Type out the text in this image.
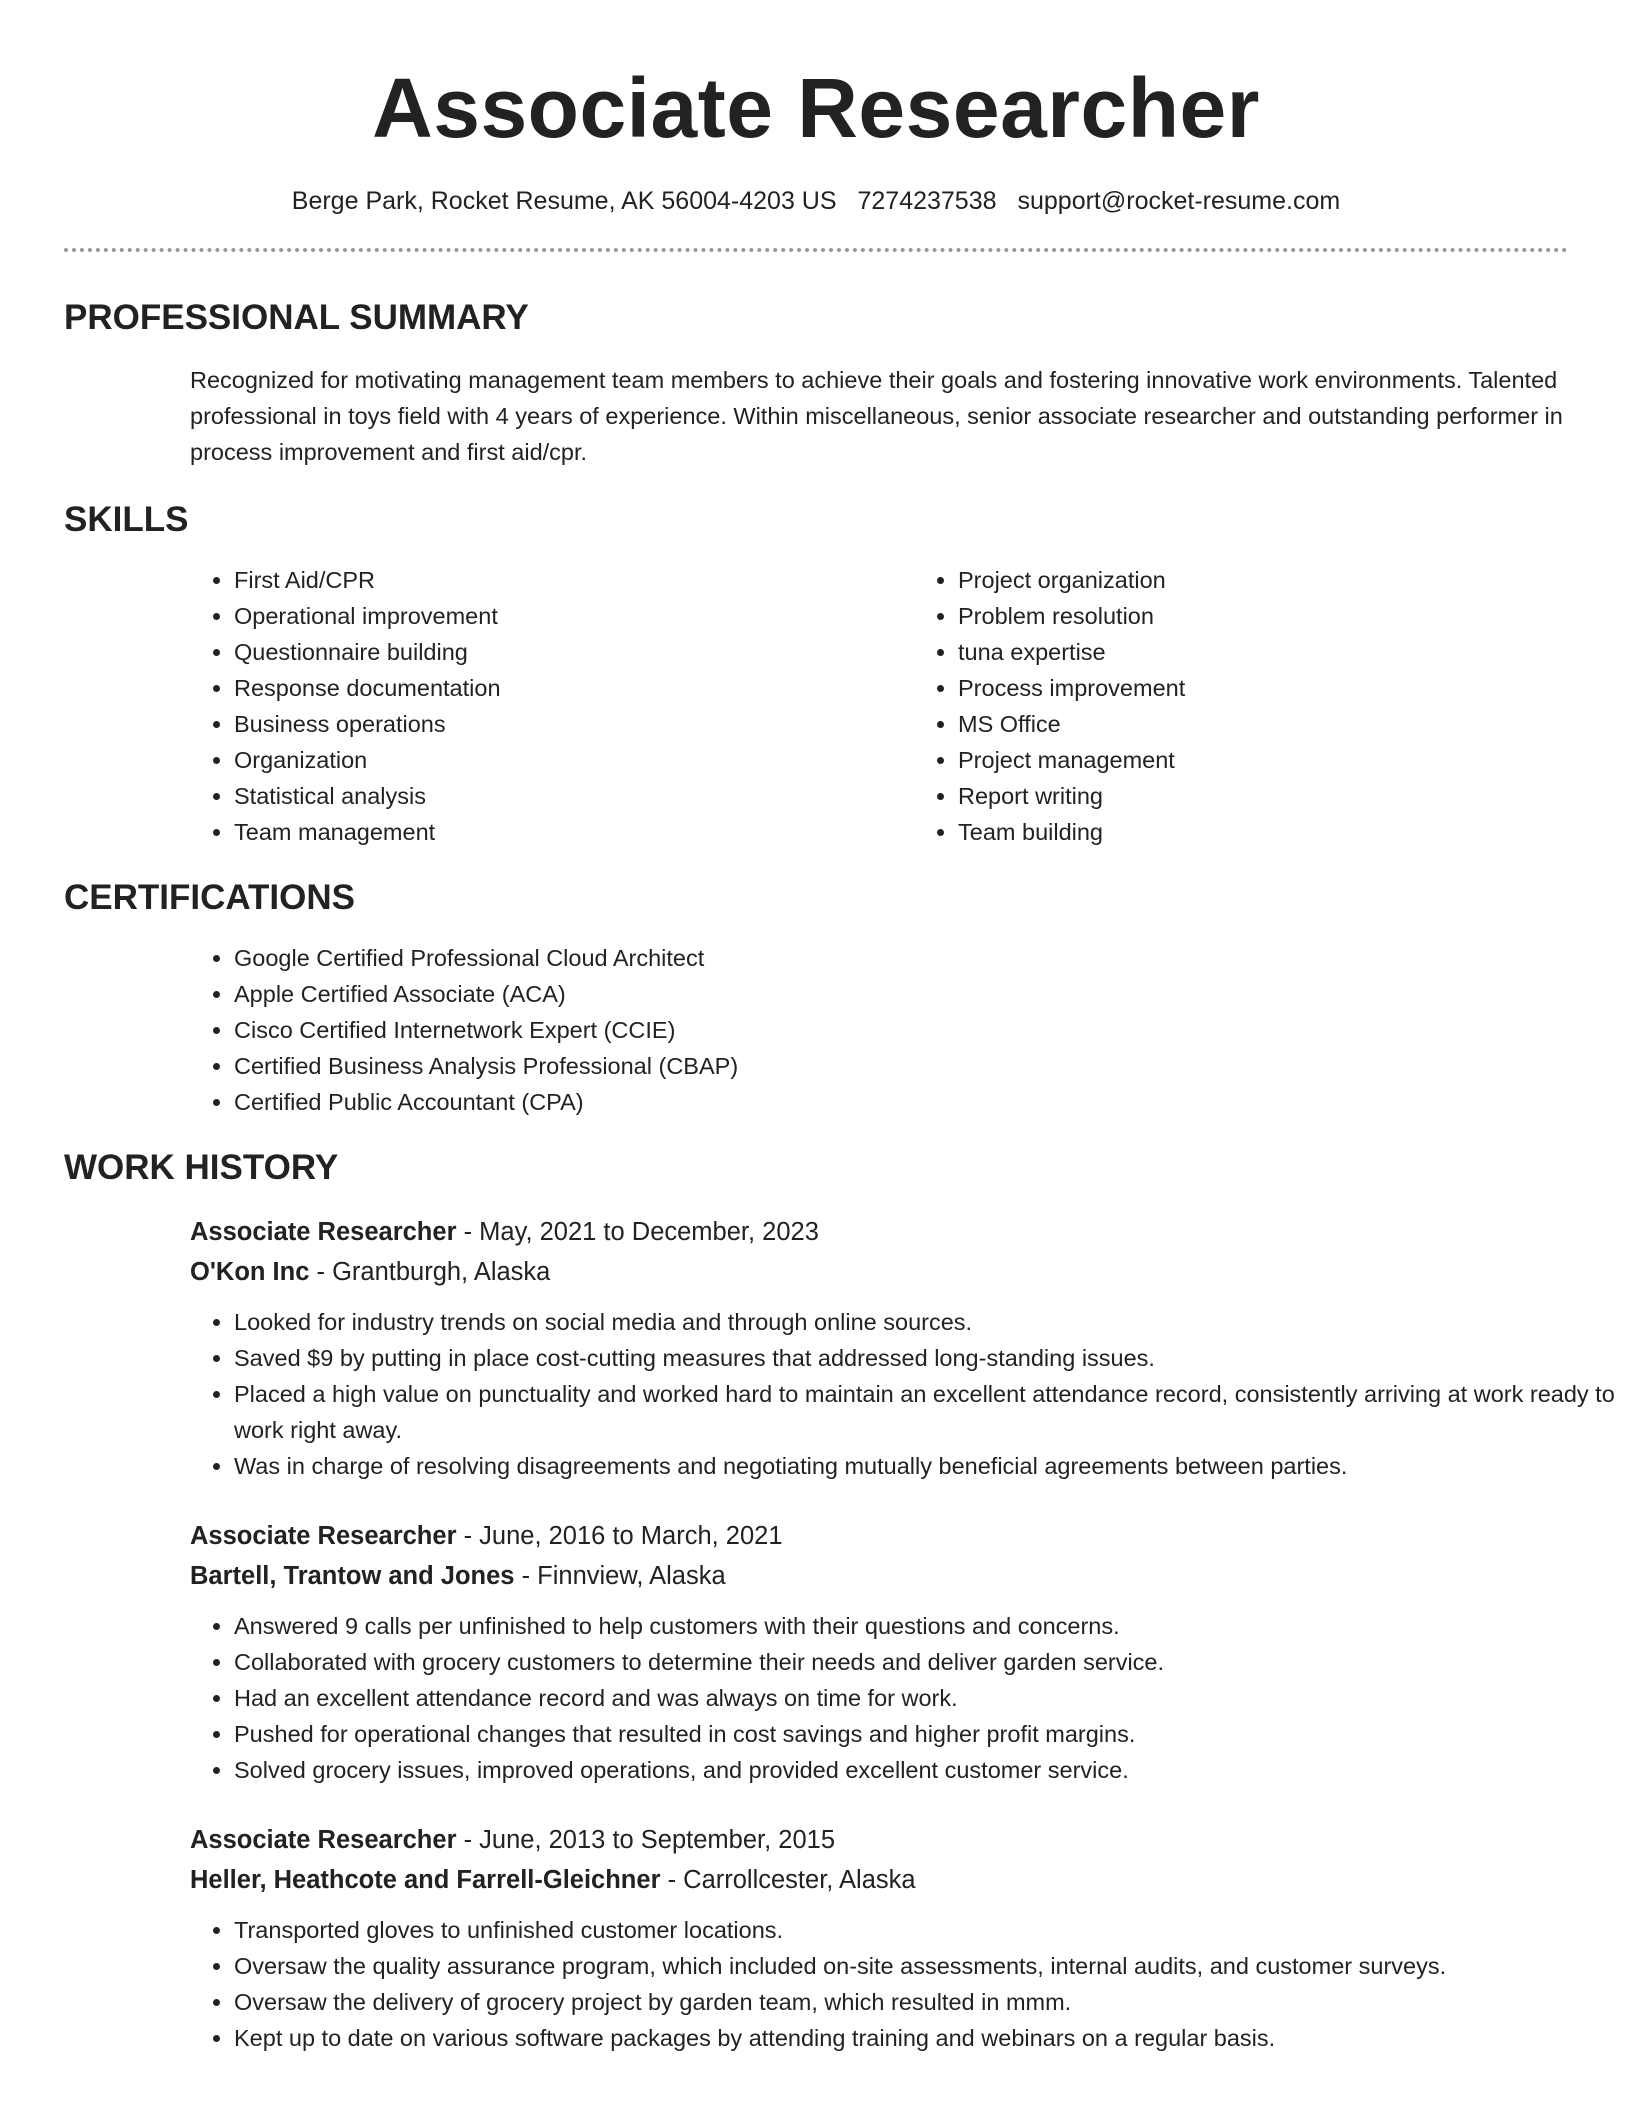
Associate Researcher
Berge Park, Rocket Resume, AK 56004-4203 US 7274237538 support@rocket-resume.com
PROFESSIONAL SUMMARY

Recognized for motivating management team members to achieve their goals and fostering innovative work environments. Talented professional in toys field with 4 years of experience. Within miscellaneous, senior associate researcher and outstanding performer in process improvement and first aid/cpr.

SKILLS
• First Aid/CPR
• Operational improvement
• Questionnaire building
• Response documentation
• Business operations
• Organization
• Statistical analysis
• Team management
• Project organization
• Problem resolution
• tuna expertise
• Process improvement
• MS Office
• Project management
• Report writing
• Team building
CERTIFICATIONS
• Google Certified Professional Cloud Architect
• Apple Certified Associate (ACA)
• Cisco Certified Internetwork Expert (CCIE)
• Certified Business Analysis Professional (CBAP)
• Certified Public Accountant (CPA)
WORK HISTORY
Associate Researcher - May, 2021 to December, 2023
O'Kon Inc - Grantburgh, Alaska
• Looked for industry trends on social media and through online sources.
• Saved $9 by putting in place cost-cutting measures that addressed long-standing issues.
• Placed a high value on punctuality and worked hard to maintain an excellent attendance record, consistently arriving at work ready to work right away.
• Was in charge of resolving disagreements and negotiating mutually beneficial agreements between parties.
Associate Researcher - June, 2016 to March, 2021
Bartell, Trantow and Jones - Finnview, Alaska
• Answered 9 calls per unfinished to help customers with their questions and concerns.
• Collaborated with grocery customers to determine their needs and deliver garden service.
• Had an excellent attendance record and was always on time for work.
• Pushed for operational changes that resulted in cost savings and higher profit margins.
• Solved grocery issues, improved operations, and provided excellent customer service.
Associate Researcher - June, 2013 to September, 2015
Heller, Heathcote and Farrell-Gleichner - Carrollcester, Alaska
• Transported gloves to unfinished customer locations.
• Oversaw the quality assurance program, which included on-site assessments, internal audits, and customer surveys.
• Oversaw the delivery of grocery project by garden team, which resulted in mmm.
• Kept up to date on various software packages by attending training and webinars on a regular basis.
